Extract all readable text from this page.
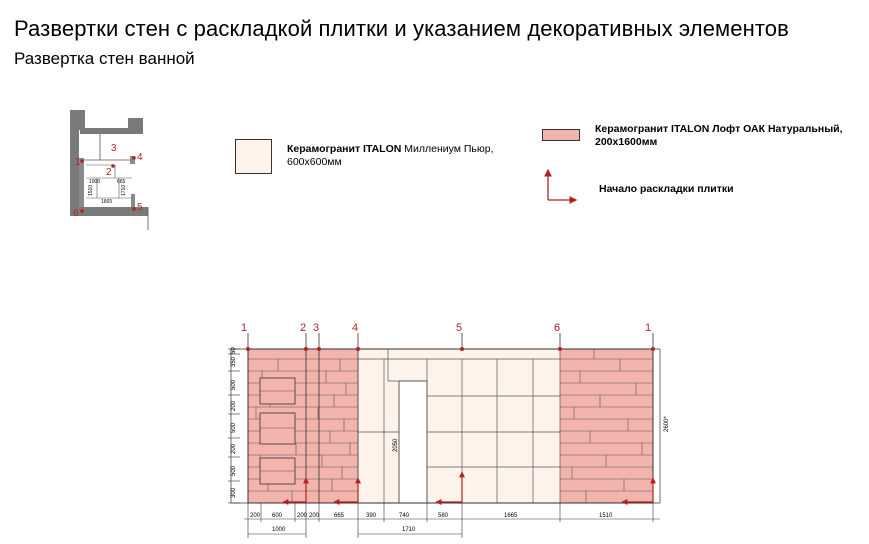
Развертки стен с раскладкой плитки и указанием декоративных элементов
Развертка стен ванной
Керамогранит ITALON Миллениум Пьюр,
600х600мм
Керамогранит ITALON Лофт ОАК Натуральный,
200х1600мм
Начало раскладки плитки
1
2
3
4
5
6
1000	665
1665
1510	1710
1	2 3	4	5	6	1
2050
2600*
50
350
500
200
500
200
500
300
200 600 200 200 665	390	740	580	1665	1510
1000	1710
